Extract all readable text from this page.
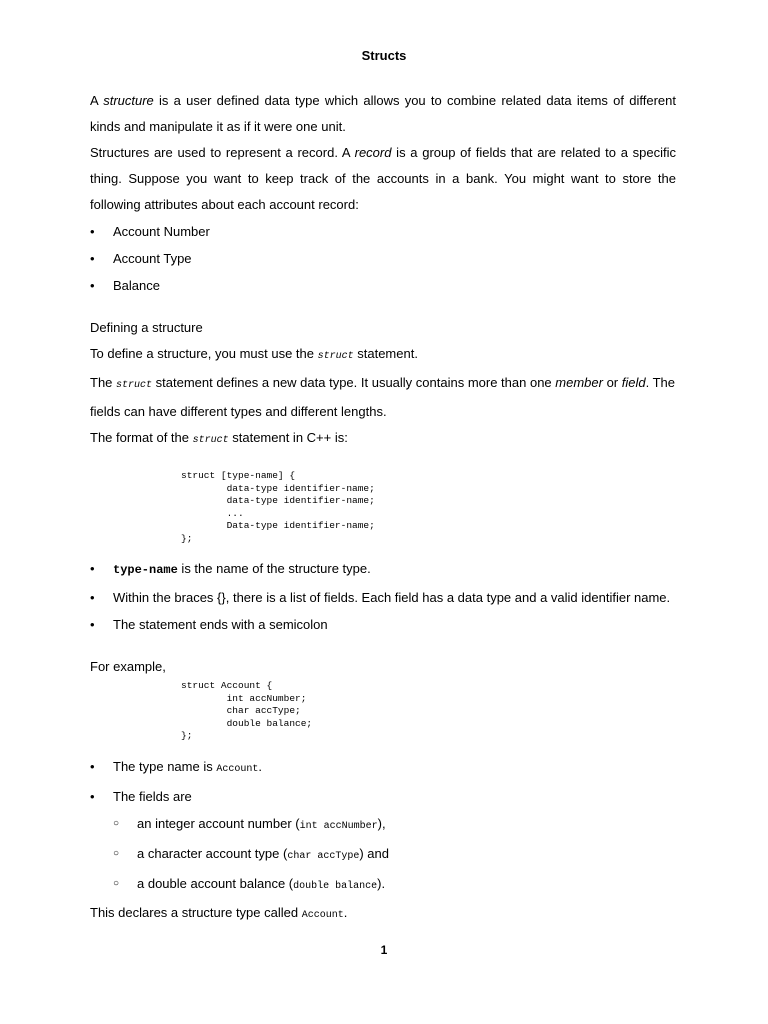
Structs

A structure is a user defined data type which allows you to combine related data items of different kinds and manipulate it as if it were one unit.

Structures are used to represent a record. A record is a group of fields that are related to a specific thing. Suppose you want to keep track of the accounts in a bank. You might want to store the following attributes about each account record:

• Account Number
• Account Type
• Balance

Defining a structure

To define a structure, you must use the struct statement.

The struct statement defines a new data type. It usually contains more than one member or field. The fields can have different types and different lengths.

The format of the struct statement in C++ is:

struct [type-name] {
data-type identifier-name;
data-type identifier-name;
...
Data-type identifier-name;
};
• type-name is the name of the structure type.
• Within the braces {}, there is a list of fields. Each field has a data type and a valid identifier name.
• The statement ends with a semicolon

For example,

struct Account {
int accNumber;
char accType;
double balance;
};
• The type name is Account.
• The fields are
○ an integer account number (int accNumber),
○ a character account type (char accType) and
○ a double account balance (double balance).

This declares a structure type called Account.

1
